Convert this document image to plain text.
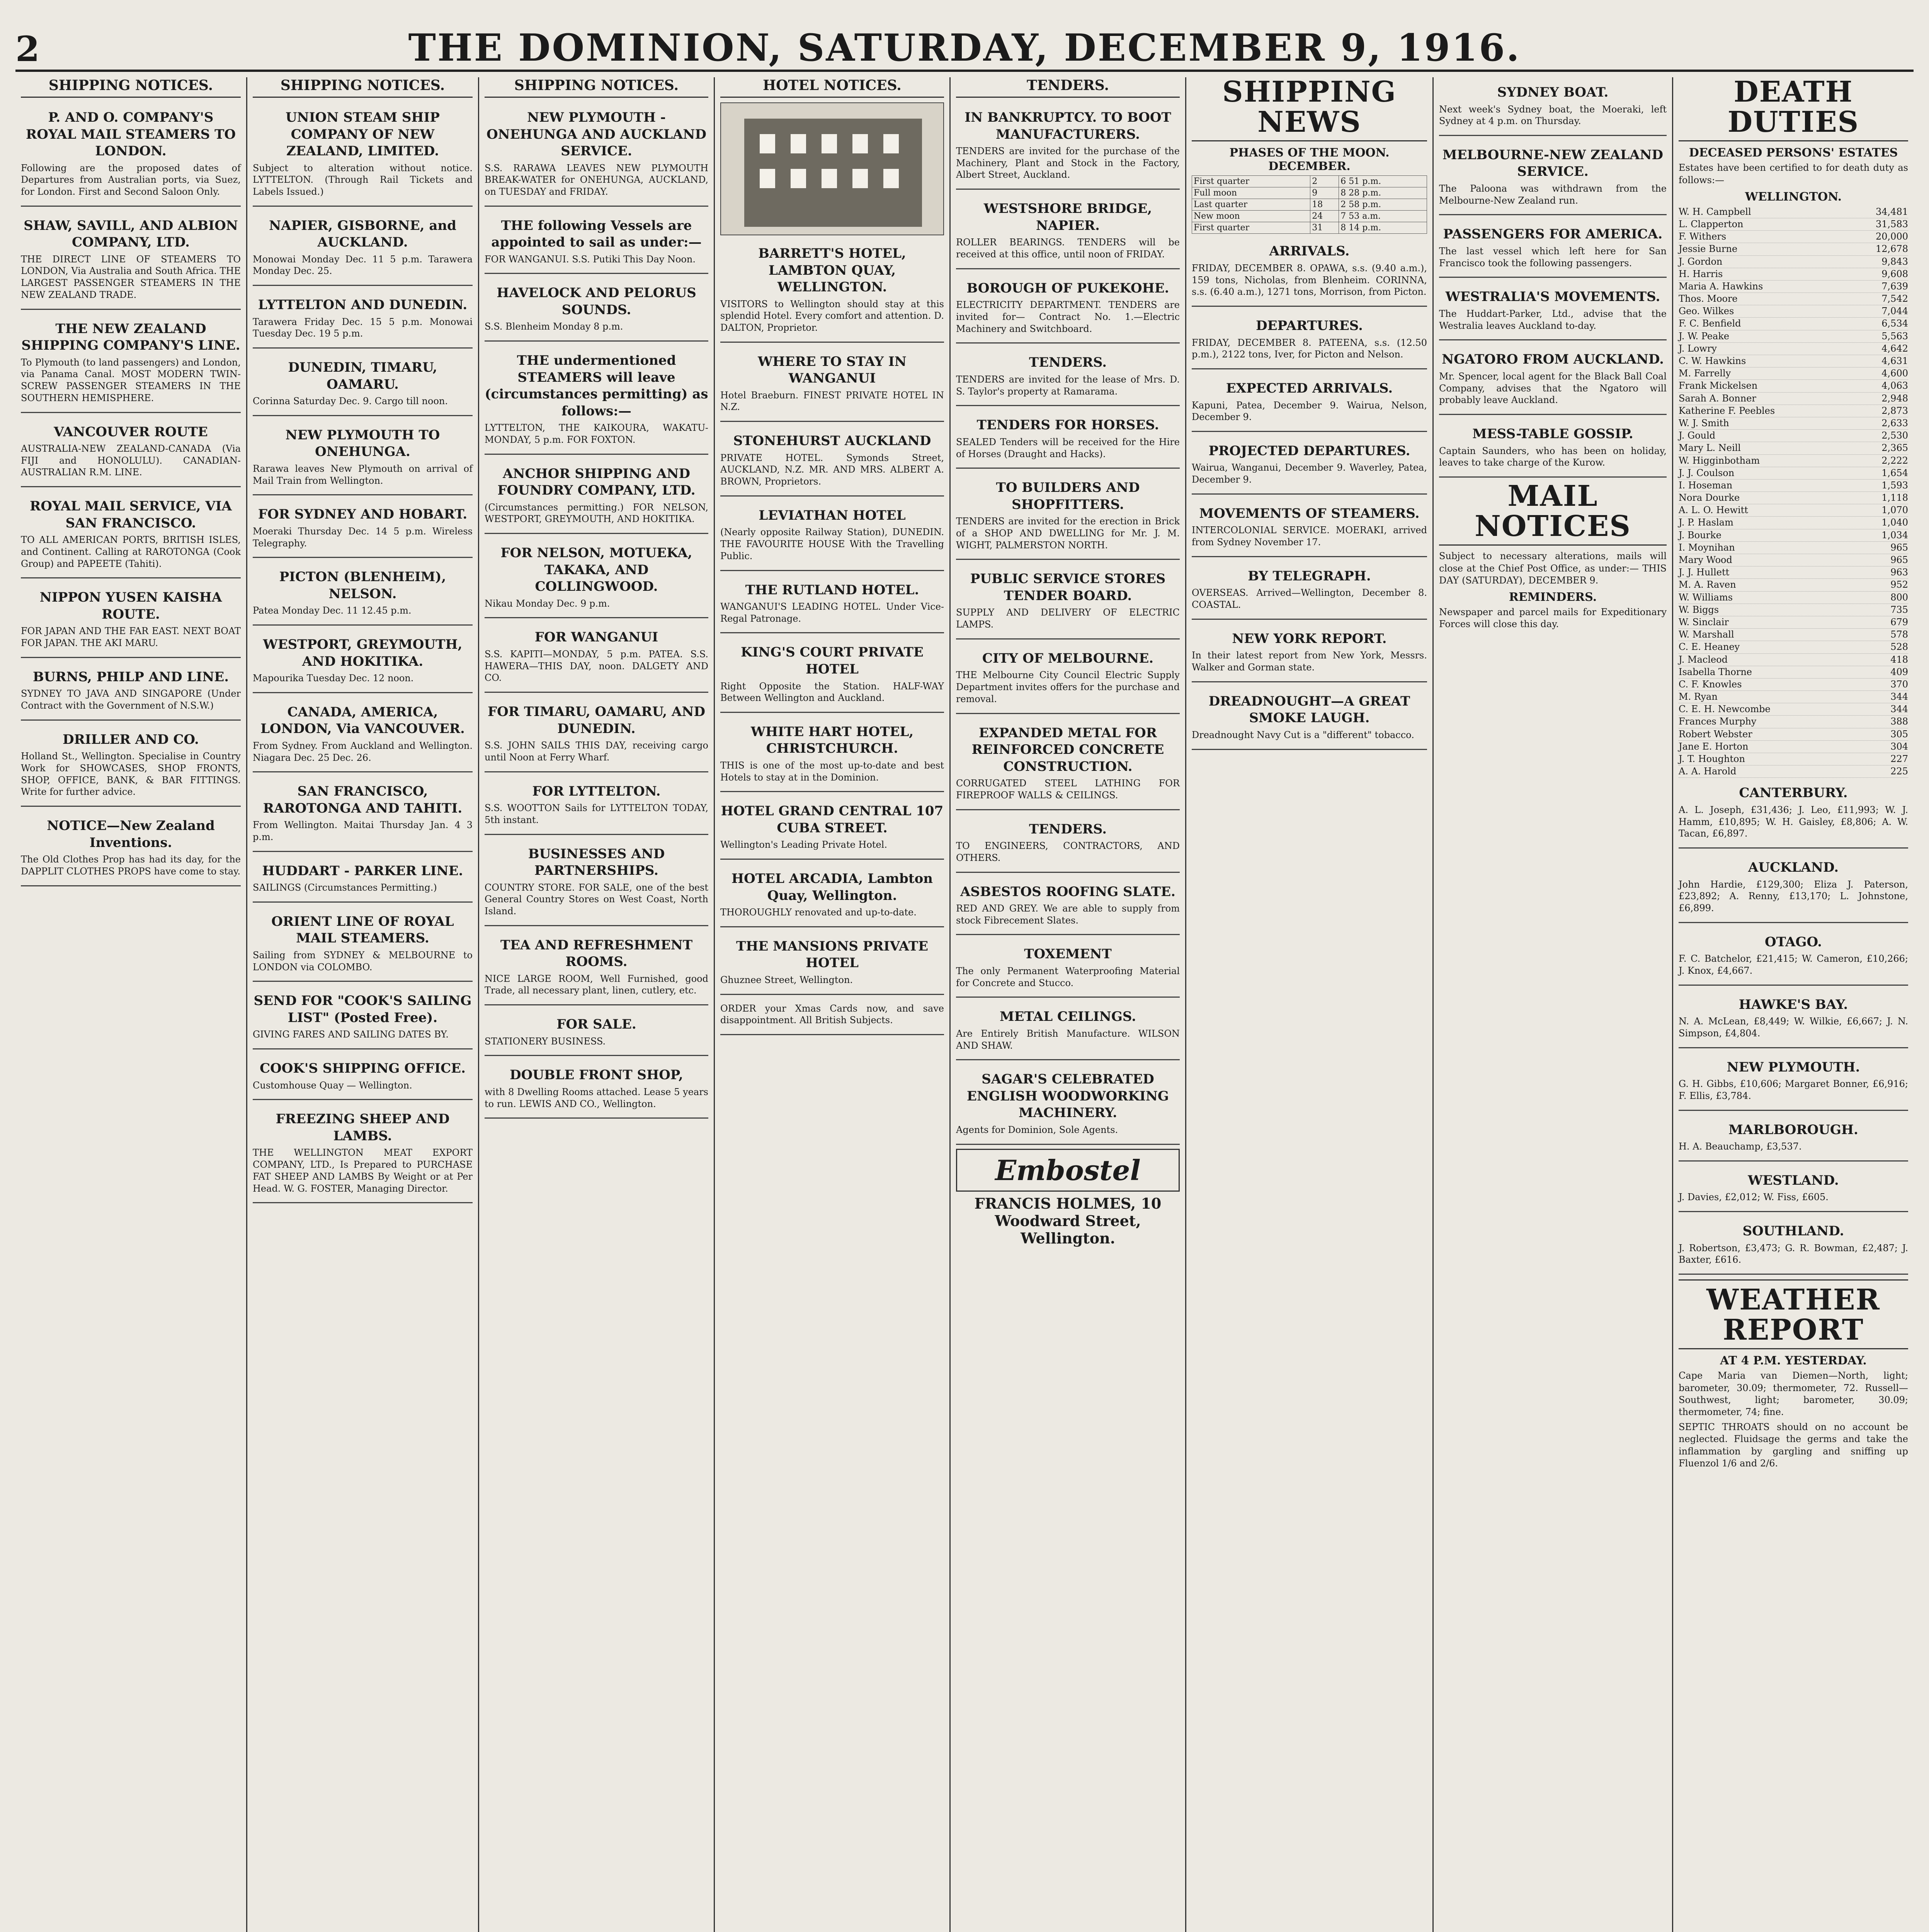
2	THE DOMINION, SATURDAY, DECEMBER 9, 1916.
SHIPPING NOTICES.
P. AND O. COMPANY'S ROYAL MAIL STEAMERS TO LONDON.

Following are the proposed dates of Departures from Australian ports, via Suez, for London. First and Second Saloon Only.

SHAW, SAVILL, AND ALBION COMPANY, LTD.

THE DIRECT LINE OF STEAMERS TO LONDON, Via Australia and South Africa. THE LARGEST PASSENGER STEAMERS IN THE NEW ZEALAND TRADE.

THE NEW ZEALAND SHIPPING COMPANY'S LINE.

To Plymouth (to land passengers) and London, via Panama Canal. MOST MODERN TWIN-SCREW PASSENGER STEAMERS IN THE SOUTHERN HEMISPHERE.

VANCOUVER ROUTE

AUSTRALIA-NEW ZEALAND-CANADA (Via FIJI and HONOLULU). CANADIAN-AUSTRALIAN R.M. LINE.

ROYAL MAIL SERVICE, VIA SAN FRANCISCO.

TO ALL AMERICAN PORTS, BRITISH ISLES, and Continent. Calling at RAROTONGA (Cook Group) and PAPEETE (Tahiti).

NIPPON YUSEN KAISHA ROUTE.

FOR JAPAN AND THE FAR EAST. NEXT BOAT FOR JAPAN. THE AKI MARU.

BURNS, PHILP AND LINE.

SYDNEY TO JAVA AND SINGAPORE (Under Contract with the Government of N.S.W.)

DRILLER AND CO.

Holland St., Wellington. Specialise in Country Work for SHOWCASES, SHOP FRONTS, SHOP, OFFICE, BANK, & BAR FITTINGS. Write for further advice.

NOTICE—New Zealand Inventions.

The Old Clothes Prop has had its day, for the DAPPLIT CLOTHES PROPS have come to stay.

SHIPPING NOTICES.
UNION STEAM SHIP COMPANY OF NEW ZEALAND, LIMITED.

Subject to alteration without notice. LYTTELTON. (Through Rail Tickets and Labels Issued.)

NAPIER, GISBORNE, and AUCKLAND.

Monowai Monday Dec. 11 5 p.m. Tarawera Monday Dec. 25.

LYTTELTON AND DUNEDIN.

Tarawera Friday Dec. 15 5 p.m. Monowai Tuesday Dec. 19 5 p.m.

DUNEDIN, TIMARU, OAMARU.

Corinna Saturday Dec. 9. Cargo till noon.

NEW PLYMOUTH TO ONEHUNGA.

Rarawa leaves New Plymouth on arrival of Mail Train from Wellington.

FOR SYDNEY AND HOBART.

Moeraki Thursday Dec. 14 5 p.m. Wireless Telegraphy.

PICTON (BLENHEIM), NELSON.

Patea Monday Dec. 11 12.45 p.m.

WESTPORT, GREYMOUTH, AND HOKITIKA.

Mapourika Tuesday Dec. 12 noon.

CANADA, AMERICA, LONDON, Via VANCOUVER.

From Sydney. From Auckland and Wellington. Niagara Dec. 25 Dec. 26.

SAN FRANCISCO, RAROTONGA AND TAHITI.

From Wellington. Maitai Thursday Jan. 4 3 p.m.

HUDDART - PARKER LINE.

SAILINGS (Circumstances Permitting.)

ORIENT LINE OF ROYAL MAIL STEAMERS.

Sailing from SYDNEY & MELBOURNE to LONDON via COLOMBO.

SEND FOR "COOK'S SAILING LIST" (Posted Free).

GIVING FARES AND SAILING DATES BY.

COOK'S SHIPPING OFFICE.

Customhouse Quay — Wellington.

FREEZING SHEEP AND LAMBS.

THE WELLINGTON MEAT EXPORT COMPANY, LTD., Is Prepared to PURCHASE FAT SHEEP AND LAMBS By Weight or at Per Head. W. G. FOSTER, Managing Director.

SHIPPING NOTICES.
NEW PLYMOUTH - ONEHUNGA AND AUCKLAND SERVICE.

S.S. RARAWA LEAVES NEW PLYMOUTH BREAK-WATER for ONEHUNGA, AUCKLAND, on TUESDAY and FRIDAY.

THE following Vessels are appointed to sail as under:—

FOR WANGANUI. S.S. Putiki This Day Noon.

HAVELOCK AND PELORUS SOUNDS.

S.S. Blenheim Monday 8 p.m.

THE undermentioned STEAMERS will leave (circumstances permitting) as follows:—

LYTTELTON, THE KAIKOURA, WAKATU-MONDAY, 5 p.m. FOR FOXTON.

ANCHOR SHIPPING AND FOUNDRY COMPANY, LTD.

(Circumstances permitting.) FOR NELSON, WESTPORT, GREYMOUTH, AND HOKITIKA.

FOR NELSON, MOTUEKA, TAKAKA, AND COLLINGWOOD.

Nikau Monday Dec. 9 p.m.

FOR WANGANUI

S.S. KAPITI—MONDAY, 5 p.m. PATEA. S.S. HAWERA—THIS DAY, noon. DALGETY AND CO.

FOR TIMARU, OAMARU, AND DUNEDIN.

S.S. JOHN SAILS THIS DAY, receiving cargo until Noon at Ferry Wharf.

FOR LYTTELTON.

S.S. WOOTTON Sails for LYTTELTON TODAY, 5th instant.

BUSINESSES AND PARTNERSHIPS.

COUNTRY STORE. FOR SALE, one of the best General Country Stores on West Coast, North Island.

TEA AND REFRESHMENT ROOMS.

NICE LARGE ROOM, Well Furnished, good Trade, all necessary plant, linen, cutlery, etc.

FOR SALE.

STATIONERY BUSINESS.

DOUBLE FRONT SHOP,

with 8 Dwelling Rooms attached. Lease 5 years to run. LEWIS AND CO., Wellington.

HOTEL NOTICES.
BARRETT'S HOTEL, LAMBTON QUAY, WELLINGTON.

VISITORS to Wellington should stay at this splendid Hotel. Every comfort and attention. D. DALTON, Proprietor.

WHERE TO STAY IN WANGANUI

Hotel Braeburn. FINEST PRIVATE HOTEL IN N.Z.

STONEHURST AUCKLAND

PRIVATE HOTEL. Symonds Street, AUCKLAND, N.Z. MR. AND MRS. ALBERT A. BROWN, Proprietors.

LEVIATHAN HOTEL

(Nearly opposite Railway Station), DUNEDIN. THE FAVOURITE HOUSE With the Travelling Public.

THE RUTLAND HOTEL.

WANGANUI'S LEADING HOTEL. Under Vice-Regal Patronage.

KING'S COURT PRIVATE HOTEL

Right Opposite the Station. HALF-WAY Between Wellington and Auckland.

WHITE HART HOTEL, CHRISTCHURCH.

THIS is one of the most up-to-date and best Hotels to stay at in the Dominion.

HOTEL GRAND CENTRAL 107 CUBA STREET.

Wellington's Leading Private Hotel.

HOTEL ARCADIA, Lambton Quay, Wellington.

THOROUGHLY renovated and up-to-date.

THE MANSIONS PRIVATE HOTEL

Ghuznee Street, Wellington.

ORDER your Xmas Cards now, and save disappointment. All British Subjects.

TENDERS.
IN BANKRUPTCY. TO BOOT MANUFACTURERS.

TENDERS are invited for the purchase of the Machinery, Plant and Stock in the Factory, Albert Street, Auckland.

WESTSHORE BRIDGE, NAPIER.

ROLLER BEARINGS. TENDERS will be received at this office, until noon of FRIDAY.

BOROUGH OF PUKEKOHE.

ELECTRICITY DEPARTMENT. TENDERS are invited for— Contract No. 1.—Electric Machinery and Switchboard.

TENDERS.

TENDERS are invited for the lease of Mrs. D. S. Taylor's property at Ramarama.

TENDERS FOR HORSES.

SEALED Tenders will be received for the Hire of Horses (Draught and Hacks).

TO BUILDERS AND SHOPFITTERS.

TENDERS are invited for the erection in Brick of a SHOP AND DWELLING for Mr. J. M. WIGHT, PALMERSTON NORTH.

PUBLIC SERVICE STORES TENDER BOARD.

SUPPLY AND DELIVERY OF ELECTRIC LAMPS.

CITY OF MELBOURNE.

THE Melbourne City Council Electric Supply Department invites offers for the purchase and removal.

EXPANDED METAL FOR REINFORCED CONCRETE CONSTRUCTION.

CORRUGATED STEEL LATHING FOR FIREPROOF WALLS & CEILINGS.

TENDERS.

TO ENGINEERS, CONTRACTORS, AND OTHERS.

ASBESTOS ROOFING SLATE.

RED AND GREY. We are able to supply from stock Fibrecement Slates.

TOXEMENT

The only Permanent Waterproofing Material for Concrete and Stucco.

METAL CEILINGS.

Are Entirely British Manufacture. WILSON AND SHAW.

SAGAR'S CELEBRATED ENGLISH WOODWORKING MACHINERY.

Agents for Dominion, Sole Agents.

Embostel
FRANCIS HOLMES, 10 Woodward Street, Wellington.
SHIPPING NEWS
PHASES OF THE MOON. DECEMBER.
First quarter	2	6 51 p.m.
Full moon	9	8 28 p.m.
Last quarter	18	2 58 p.m.
New moon	24	7 53 a.m.
First quarter	31	8 14 p.m.
ARRIVALS.

FRIDAY, DECEMBER 8. OPAWA, s.s. (9.40 a.m.), 159 tons, Nicholas, from Blenheim. CORINNA, s.s. (6.40 a.m.), 1271 tons, Morrison, from Picton.

DEPARTURES.

FRIDAY, DECEMBER 8. PATEENA, s.s. (12.50 p.m.), 2122 tons, Iver, for Picton and Nelson.

EXPECTED ARRIVALS.

Kapuni, Patea, December 9. Wairua, Nelson, December 9.

PROJECTED DEPARTURES.

Wairua, Wanganui, December 9. Waverley, Patea, December 9.

MOVEMENTS OF STEAMERS.

INTERCOLONIAL SERVICE. MOERAKI, arrived from Sydney November 17.

BY TELEGRAPH.

OVERSEAS. Arrived—Wellington, December 8. COASTAL.

NEW YORK REPORT.

In their latest report from New York, Messrs. Walker and Gorman state.

DREADNOUGHT—A GREAT SMOKE LAUGH.

Dreadnought Navy Cut is a "different" tobacco.

SYDNEY BOAT.

Next week's Sydney boat, the Moeraki, left Sydney at 4 p.m. on Thursday.

MELBOURNE-NEW ZEALAND SERVICE.

The Paloona was withdrawn from the Melbourne-New Zealand run.

PASSENGERS FOR AMERICA.

The last vessel which left here for San Francisco took the following passengers.

WESTRALIA'S MOVEMENTS.

The Huddart-Parker, Ltd., advise that the Westralia leaves Auckland to-day.

NGATORO FROM AUCKLAND.

Mr. Spencer, local agent for the Black Ball Coal Company, advises that the Ngatoro will probably leave Auckland.

MESS-TABLE GOSSIP.

Captain Saunders, who has been on holiday, leaves to take charge of the Kurow.

MAIL NOTICES

Subject to necessary alterations, mails will close at the Chief Post Office, as under:— THIS DAY (SATURDAY), DECEMBER 9.

REMINDERS.

Newspaper and parcel mails for Expeditionary Forces will close this day.

DEATH DUTIES
DECEASED PERSONS' ESTATES

Estates have been certified to for death duty as follows:—

WELLINGTON.
W. H. Campbell	34,481
L. Clapperton	31,583
F. Withers	20,000
Jessie Burne	12,678
J. Gordon	9,843
H. Harris	9,608
Maria A. Hawkins	7,639
Thos. Moore	7,542
Geo. Wilkes	7,044
F. C. Benfield	6,534
J. W. Peake	5,563
J. Lowry	4,642
C. W. Hawkins	4,631
M. Farrelly	4,600
Frank Mickelsen	4,063
Sarah A. Bonner	2,948
Katherine F. Peebles	2,873
W. J. Smith	2,633
J. Gould	2,530
Mary L. Neill	2,365
W. Higginbotham	2,222
J. J. Coulson	1,654
I. Hoseman	1,593
Nora Dourke	1,118
A. L. O. Hewitt	1,070
J. P. Haslam	1,040
J. Bourke	1,034
I. Moynihan	965
Mary Wood	965
J. J. Hullett	963
M. A. Raven	952
W. Williams	800
W. Biggs	735
W. Sinclair	679
W. Marshall	578
C. E. Heaney	528
J. Macleod	418
Isabella Thorne	409
C. F. Knowles	370
M. Ryan	344
C. E. H. Newcombe	344
Frances Murphy	388
Robert Webster	305
Jane E. Horton	304
J. T. Houghton	227
A. A. Harold	225
CANTERBURY.

A. L. Joseph, £31,436; J. Leo, £11,993; W. J. Hamm, £10,895; W. H. Gaisley, £8,806; A. W. Tacan, £6,897.

AUCKLAND.

John Hardie, £129,300; Eliza J. Paterson, £23,892; A. Renny, £13,170; L. Johnstone, £6,899.

OTAGO.

F. C. Batchelor, £21,415; W. Cameron, £10,266; J. Knox, £4,667.

HAWKE'S BAY.

N. A. McLean, £8,449; W. Wilkie, £6,667; J. N. Simpson, £4,804.

NEW PLYMOUTH.

G. H. Gibbs, £10,606; Margaret Bonner, £6,916; F. Ellis, £3,784.

MARLBOROUGH.

H. A. Beauchamp, £3,537.

WESTLAND.

J. Davies, £2,012; W. Fiss, £605.

SOUTHLAND.

J. Robertson, £3,473; G. R. Bowman, £2,487; J. Baxter, £616.

WEATHER REPORT
AT 4 P.M. YESTERDAY.

Cape Maria van Diemen—North, light; barometer, 30.09; thermometer, 72. Russell—Southwest, light; barometer, 30.09; thermometer, 74; fine.

SEPTIC THROATS should on no account be neglected. Fluidsage the germs and take the inflammation by gargling and sniffing up Fluenzol 1/6 and 2/6.
